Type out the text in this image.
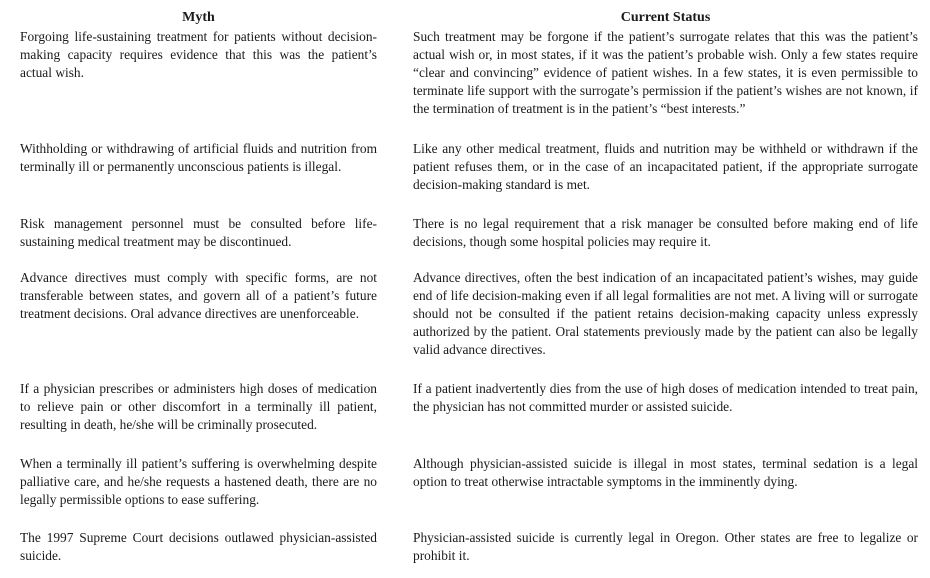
Myth	Current Status

Forgoing life-sustaining treatment for patients without decision-making capacity requires evidence that this was the patient’s actual wish.

Such treatment may be forgone if the patient’s surrogate relates that this was the patient’s actual wish or, in most states, if it was the patient’s probable wish. Only a few states require “clear and convincing” evidence of patient wishes. In a few states, it is even permissible to terminate life support with the surrogate’s permission if the patient’s wishes are not known, if the termination of treatment is in the patient’s “best interests.”

Withholding or withdrawing of artificial fluids and nutrition from terminally ill or permanently unconscious patients is illegal.

Like any other medical treatment, fluids and nutrition may be withheld or withdrawn if the patient refuses them, or in the case of an incapacitated patient, if the appropriate surrogate decision-making standard is met.

Risk management personnel must be consulted before life-sustaining medical treatment may be discontinued.

There is no legal requirement that a risk manager be consulted before making end of life decisions, though some hospital policies may require it.

Advance directives must comply with specific forms, are not transferable between states, and govern all of a patient’s future treatment decisions. Oral advance directives are unenforceable.

Advance directives, often the best indication of an incapacitated patient’s wishes, may guide end of life decision-making even if all legal formalities are not met. A living will or surrogate should not be consulted if the patient retains decision-making capacity unless expressly authorized by the patient. Oral statements previously made by the patient can also be legally valid advance directives.

If a physician prescribes or administers high doses of medication to relieve pain or other discomfort in a terminally ill patient, resulting in death, he/she will be criminally prosecuted.

If a patient inadvertently dies from the use of high doses of medication intended to treat pain, the physician has not committed murder or assisted suicide.

When a terminally ill patient’s suffering is overwhelming despite palliative care, and he/she requests a hastened death, there are no legally permissible options to ease suffering.

Although physician-assisted suicide is illegal in most states, terminal sedation is a legal option to treat otherwise intractable symptoms in the imminently dying.

The 1997 Supreme Court decisions outlawed physician-assisted suicide.

Physician-assisted suicide is currently legal in Oregon. Other states are free to legalize or prohibit it.
